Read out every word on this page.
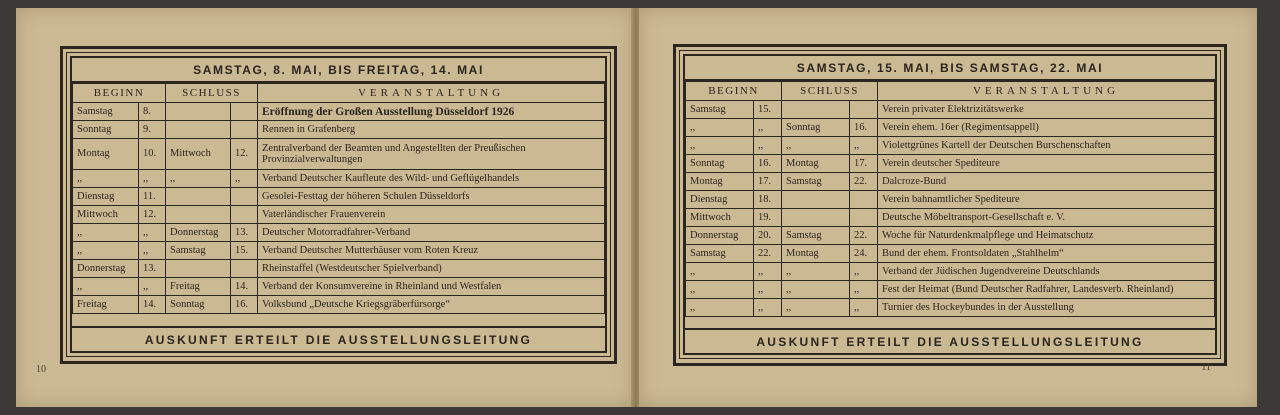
SAMSTAG, 8. MAI, BIS FREITAG, 14. MAI
BEGINN		SCHLUSS		VERANSTALTUNG
Samstag	8.			Eröffnung der Großen Ausstellung Düsseldorf 1926
Sonntag	9.			Rennen in Grafenberg
Montag	10.	Mittwoch	12.	Zentralverband der Beamten und Angestellten der Preußischen Provinzialverwaltungen
,,	,,	,,	,,	Verband Deutscher Kaufleute des Wild- und Geflügelhandels
Dienstag	11.			Gesolei-Festtag der höheren Schulen Düsseldorfs
Mittwoch	12.			Vaterländischer Frauenverein
,,	,,	Donnerstag	13.	Deutscher Motorradfahrer-Verband
,,	,,	Samstag	15.	Verband Deutscher Mutterhäuser vom Roten Kreuz
Donnerstag	13.			Rheinstaffel (Westdeutscher Spielverband)
,,	,,	Freitag	14.	Verband der Konsumvereine in Rheinland und Westfalen
Freitag	14.	Sonntag	16.	Volksbund „Deutsche Kriegsgräberfürsorge“
AUSKUNFT ERTEILT DIE AUSSTELLUNGSLEITUNG
10
SAMSTAG, 15. MAI, BIS SAMSTAG, 22. MAI
BEGINN		SCHLUSS		VERANSTALTUNG
Samstag	15.			Verein privater Elektrizitätswerke
,,	,,	Sonntag	16.	Verein ehem. 16er (Regimentsappell)
,,	,,	,,	,,	Violettgrünes Kartell der Deutschen Burschenschaften
Sonntag	16.	Montag	17.	Verein deutscher Spediteure
Montag	17.	Samstag	22.	Dalcroze-Bund
Dienstag	18.			Verein bahnamtlicher Spediteure
Mittwoch	19.			Deutsche Möbeltransport-Gesellschaft e. V.
Donnerstag	20.	Samstag	22.	Woche für Naturdenkmalpflege und Heimatschutz
Samstag	22.	Montag	24.	Bund der ehem. Frontsoldaten „Stahlhelm“
,,	,,	,,	,,	Verband der Jüdischen Jugendvereine Deutschlands
,,	,,	,,	,,	Fest der Heimat (Bund Deutscher Radfahrer, Landesverb. Rheinland)
,,	,,	,,	,,	Turnier des Hockeybundes in der Ausstellung
AUSKUNFT ERTEILT DIE AUSSTELLUNGSLEITUNG
11
